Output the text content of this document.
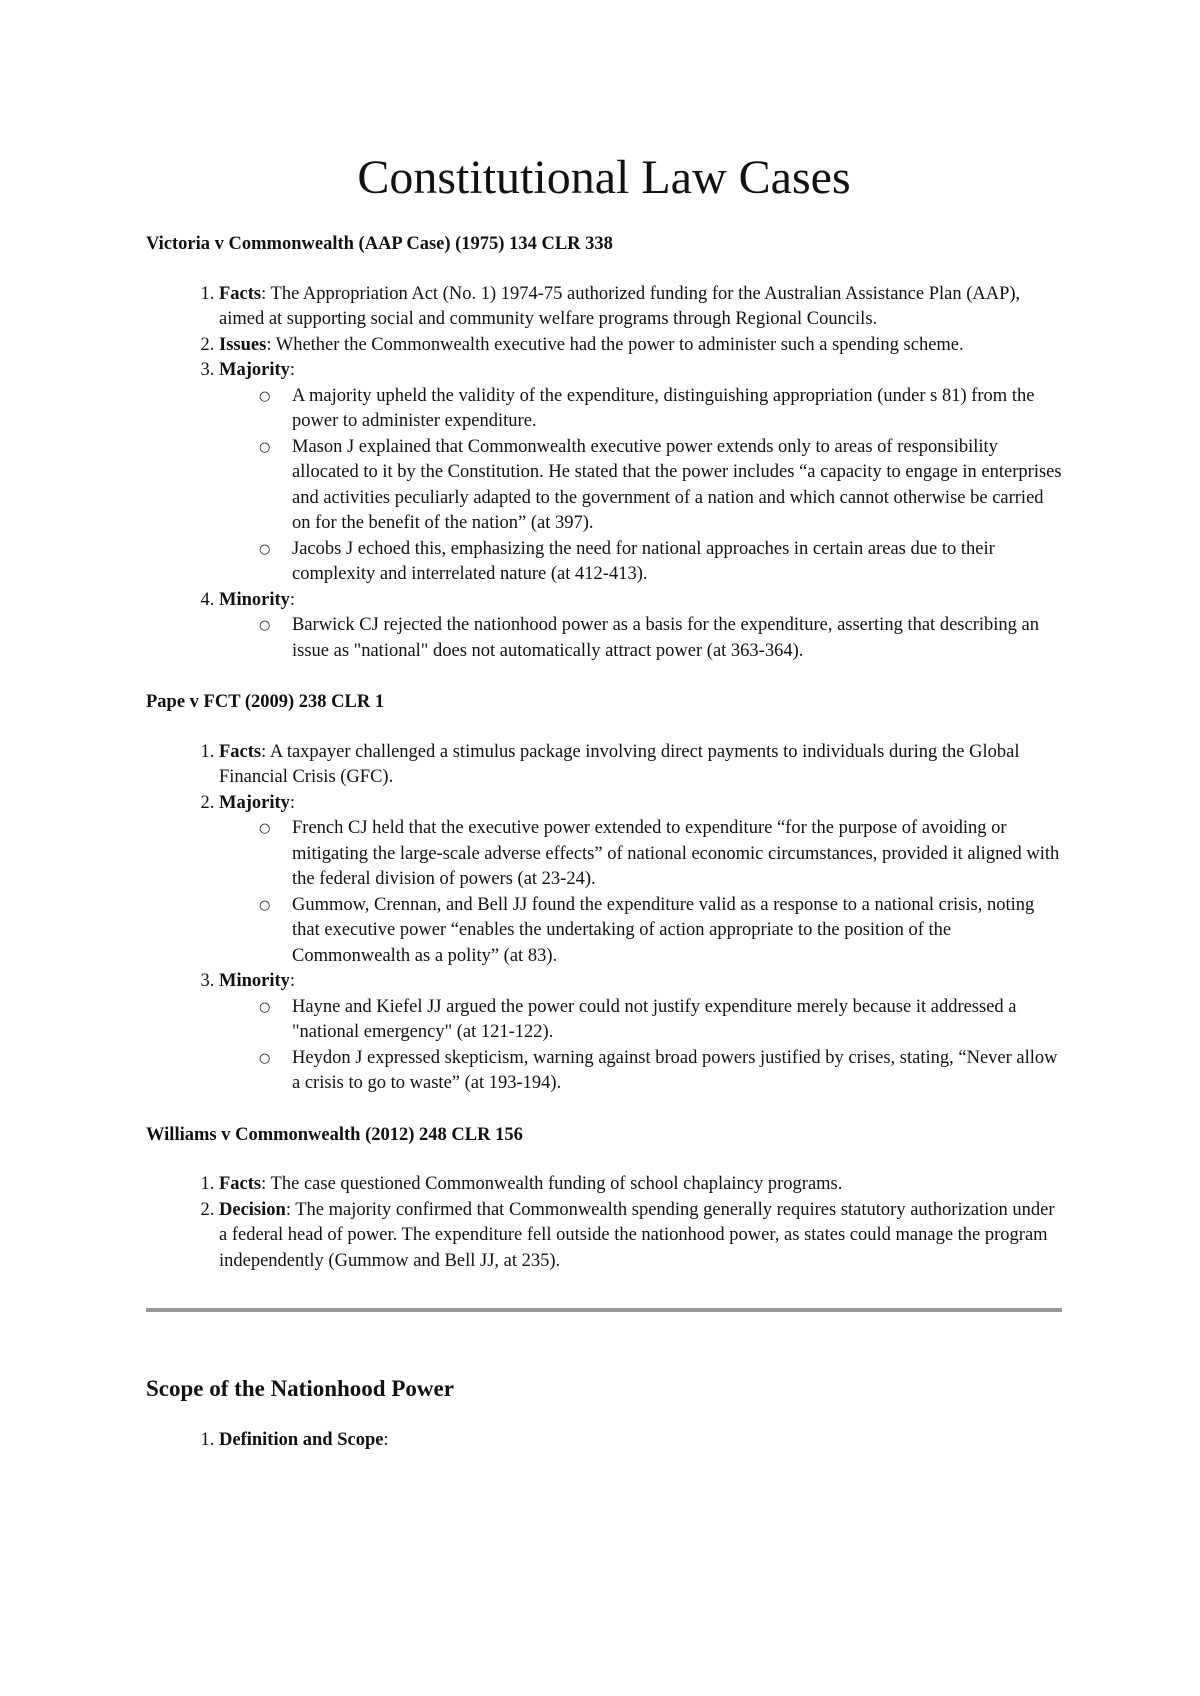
Constitutional Law Cases
Victoria v Commonwealth (AAP Case) (1975) 134 CLR 338
1. Facts: The Appropriation Act (No. 1) 1974-75 authorized funding for the Australian Assistance Plan (AAP), aimed at supporting social and community welfare programs through Regional Councils.
2. Issues: Whether the Commonwealth executive had the power to administer such a spending scheme.
3. Majority:
○ A majority upheld the validity of the expenditure, distinguishing appropriation (under s 81) from the power to administer expenditure.
○ Mason J explained that Commonwealth executive power extends only to areas of responsibility allocated to it by the Constitution. He stated that the power includes “a capacity to engage in enterprises and activities peculiarly adapted to the government of a nation and which cannot otherwise be carried on for the benefit of the nation” (at 397).
○ Jacobs J echoed this, emphasizing the need for national approaches in certain areas due to their complexity and interrelated nature (at 412-413).
4. Minority:
○ Barwick CJ rejected the nationhood power as a basis for the expenditure, asserting that describing an issue as "national" does not automatically attract power (at 363-364).
Pape v FCT (2009) 238 CLR 1
1. Facts: A taxpayer challenged a stimulus package involving direct payments to individuals during the Global Financial Crisis (GFC).
2. Majority:
○ French CJ held that the executive power extended to expenditure “for the purpose of avoiding or mitigating the large-scale adverse effects” of national economic circumstances, provided it aligned with the federal division of powers (at 23-24).
○ Gummow, Crennan, and Bell JJ found the expenditure valid as a response to a national crisis, noting that executive power “enables the undertaking of action appropriate to the position of the Commonwealth as a polity” (at 83).
3. Minority:
○ Hayne and Kiefel JJ argued the power could not justify expenditure merely because it addressed a "national emergency" (at 121-122).
○ Heydon J expressed skepticism, warning against broad powers justified by crises, stating, “Never allow a crisis to go to waste” (at 193-194).
Williams v Commonwealth (2012) 248 CLR 156
1. Facts: The case questioned Commonwealth funding of school chaplaincy programs.
2. Decision: The majority confirmed that Commonwealth spending generally requires statutory authorization under a federal head of power. The expenditure fell outside the nationhood power, as states could manage the program independently (Gummow and Bell JJ, at 235).
Scope of the Nationhood Power
1. Definition and Scope:
